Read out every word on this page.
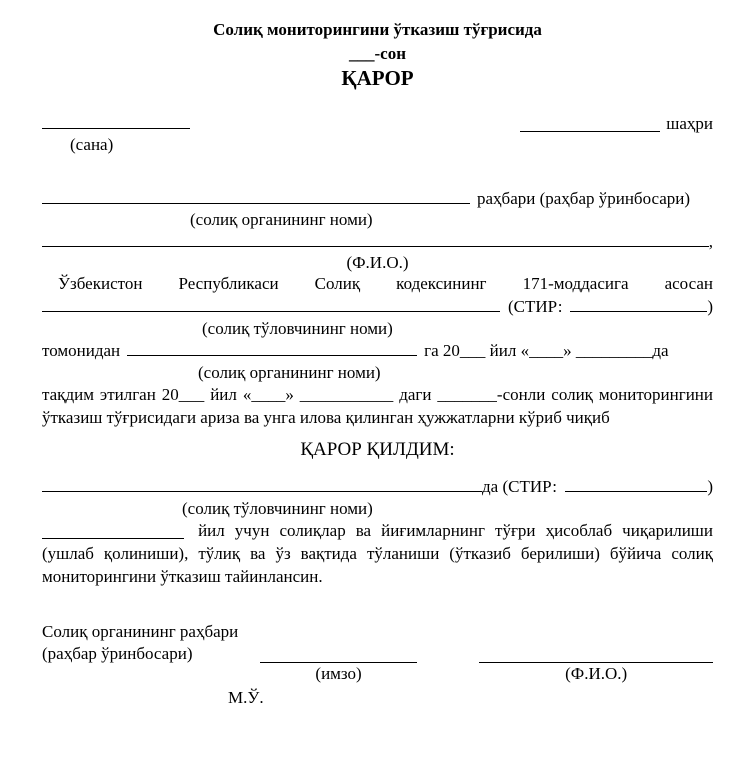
Солиқ мониторингини ўтказиш тўғрисида
___-сон
ҚАРОР
шаҳри
(сана)
раҳбари (раҳбар ўринбосари)
(солиқ органининг номи)
,
(Ф.И.О.)
Ўзбекистон Республикаси Солиқ кодексининг 171-моддасига асосан
(СТИР:	)
(солиқ тўловчининг номи)
томонидан	га 20___ йил «____» _________да
(солиқ органининг номи)
тақдим этилган 20___ йил «____» ___________ даги _______-сонли солиқ мониторингини ўтказиш тўғрисидаги ариза ва унга илова қилинган ҳужжатларни кўриб чиқиб
ҚАРОР ҚИЛДИМ:
да (СТИР:	)
(солиқ тўловчининг номи)
йил учун солиқлар ва йиғимларнинг тўғри ҳисоблаб чиқарилиши (ушлаб қолиниши), тўлиқ ва ўз вақтида тўланиши (ўтказиб берилиши) бўйича солиқ мониторингини ўтказиш тайинлансин.
Солиқ органининг раҳбари
(раҳбар ўринбосари)
(имзо)	(Ф.И.О.)
М.Ў.
